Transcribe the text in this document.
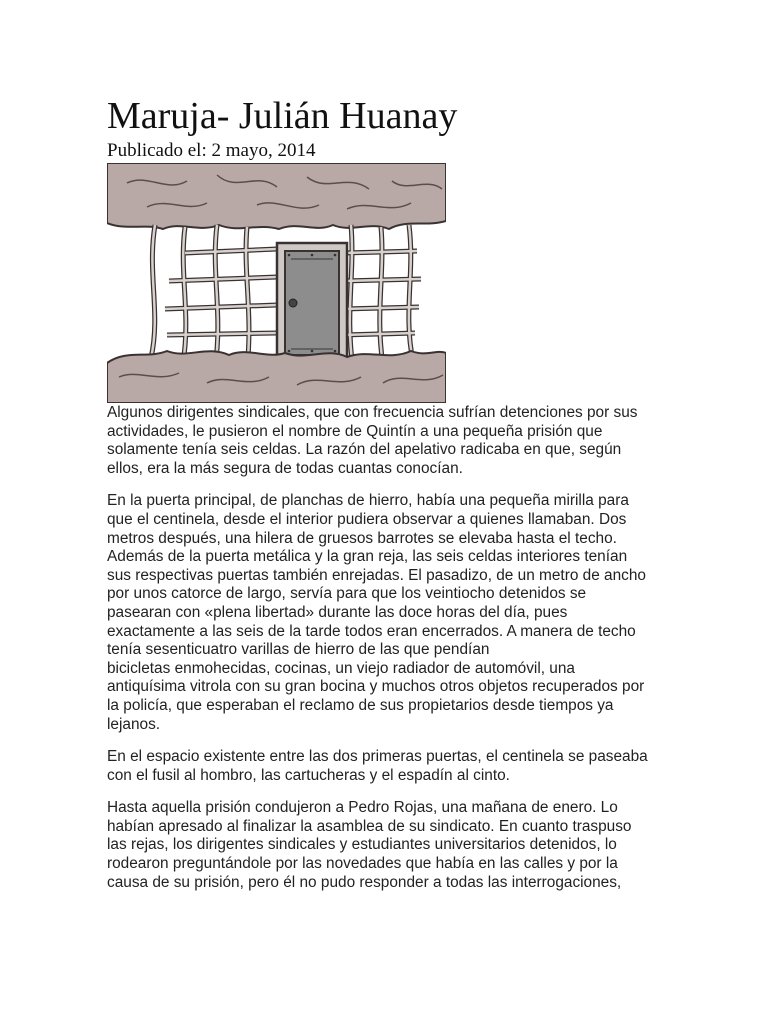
Maruja- Julián Huanay
Publicado el: 2 mayo, 2014

Algunos dirigentes sindicales, que con frecuencia sufrían detenciones por sus
actividades, le pusieron el nombre de Quintín a una pequeña prisión que
solamente tenía seis celdas. La razón del apelativo radicaba en que, según
ellos, era la más segura de todas cuantas conocían.

En la puerta principal, de planchas de hierro, había una pequeña mirilla para
que el centinela, desde el interior pudiera observar a quienes llamaban. Dos
metros después, una hilera de gruesos barrotes se elevaba hasta el techo.
Además de la puerta metálica y la gran reja, las seis celdas interiores tenían
sus respectivas puertas también enrejadas. El pasadizo, de un metro de ancho
por unos catorce de largo, servía para que los veintiocho detenidos se
pasearan con «plena libertad» durante las doce horas del día, pues
exactamente a las seis de la tarde todos eran encerrados. A manera de techo
tenía sesenticuatro varillas de hierro de las que pendían
bicicletas enmohecidas, cocinas, un viejo radiador de automóvil, una
antiquísima vitrola con su gran bocina y muchos otros objetos recuperados por
la policía, que esperaban el reclamo de sus propietarios desde tiempos ya
lejanos.

En el espacio existente entre las dos primeras puertas, el centinela se paseaba
con el fusil al hombro, las cartucheras y el espadín al cinto.

Hasta aquella prisión condujeron a Pedro Rojas, una mañana de enero. Lo
habían apresado al finalizar la asamblea de su sindicato. En cuanto traspuso
las rejas, los dirigentes sindicales y estudiantes universitarios detenidos, lo
rodearon preguntándole por las novedades que había en las calles y por la
causa de su prisión, pero él no pudo responder a todas las interrogaciones,
